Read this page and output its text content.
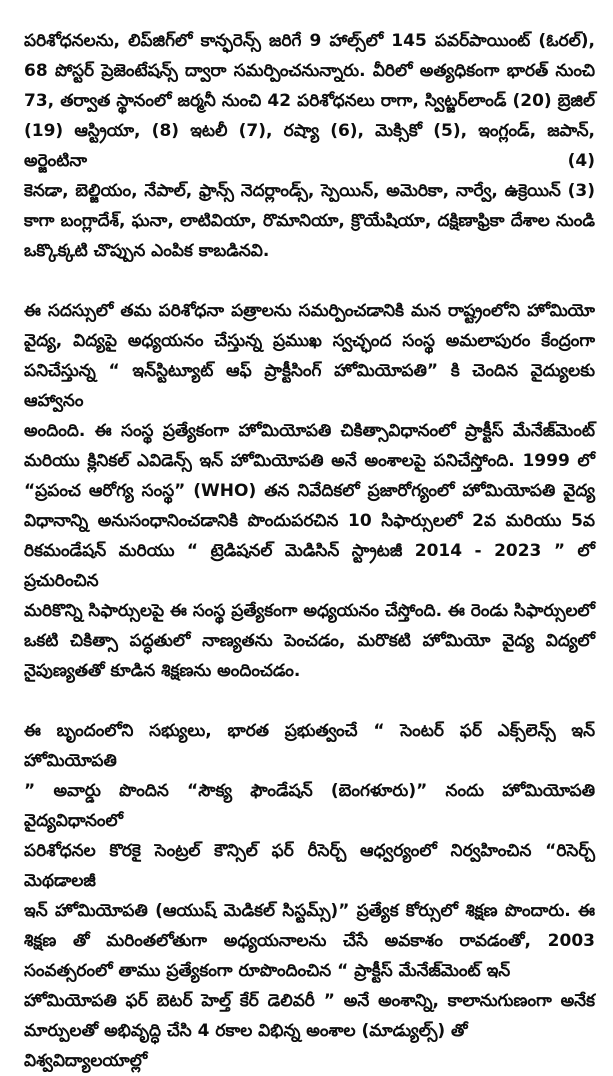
పరిశోధనలను, లిప్‌జిగ్‌లో కాన్ఫరెన్స్ జరిగే 9 హాల్స్‌లో 145 పవర్‌పాయింట్ (ఓరల్),
68 పోస్టర్ ప్రెజెంటేషన్స్ ద్వారా సమర్పించనున్నారు. వీరిలో అత్యధికంగా భారత్ నుంచి
73, తర్వాత స్థానంలో జర్మనీ నుంచి 42 పరిశోధనలు రాగా, స్విట్జర్‌లాండ్ (20) బ్రెజిల్
(19) ఆస్ట్రియా, (8) ఇటలీ (7), రష్యా (6), మెక్సికో (5), ఇంగ్లండ్, జపాన్, అర్జెంటినా (4)
కెనడా, బెల్జియం, నేపాల్, ఫ్రాన్స్ నెదర్లాండ్స్, స్పెయిన్, అమెరికా, నార్వే, ఉక్రెయిన్ (3)
కాగా బంగ్లాదేశ్, ఘనా, లాటివియా, రొమానియా, క్రొయేషియా, దక్షిణాఫ్రికా దేశాల నుండి
ఒక్కొక్కటి చొప్పున ఎంపిక కాబడినవి.
ఈ సదస్సులో తమ పరిశోధనా పత్రాలను సమర్పించడానికి మన రాష్ట్రంలోని హోమియో
వైద్య, విద్యపై అధ్యయనం చేస్తున్న ప్రముఖ స్వచ్ఛంద సంస్థ అమలాపురం కేంద్రంగా
పనిచేస్తున్న “ ఇన్‌స్టిట్యూట్ ఆఫ్ ప్రాక్టీసింగ్ హోమియోపతి” కి చెందిన వైద్యులకు ఆహ్వానం
అందింది. ఈ సంస్థ ప్రత్యేకంగా హోమియోపతి చికిత్సావిధానంలో ప్రాక్టీస్ మేనేజ్‌మెంట్
మరియు క్లినికల్ ఎవిడెన్స్ ఇన్ హోమియోపతి అనే అంశాలపై పనిచేస్తోంది. 1999 లో
“ప్రపంచ ఆరోగ్య సంస్థ” (WHO) తన నివేదికలో ప్రజారోగ్యంలో హోమియోపతి వైద్య
విధానాన్ని అనుసంధానించడానికి పొందుపరచిన 10 సిఫార్సులలో 2వ మరియు 5వ
రికమండేషన్ మరియు “ ట్రెడిషనల్ మెడిసిన్ స్ట్రాటజీ 2014 - 2023 ” లో ప్రచురించిన
మరికొన్ని సిఫార్సులపై ఈ సంస్థ ప్రత్యేకంగా అధ్యయనం చేస్తోంది. ఈ రెండు సిఫార్సులలో
ఒకటి చికిత్సా పద్ధతులో నాణ్యతను పెంచడం, మరొకటి హోమియో వైద్య విద్యలో
నైపుణ్యతతో కూడిన శిక్షణను అందించడం.
ఈ బృందంలోని సభ్యులు, భారత ప్రభుత్వంచే “ సెంటర్ ఫర్ ఎక్స్‌లెన్స్ ఇన్ హోమియోపతి
” అవార్డు పొందిన “సౌక్య ఫౌండేషన్ (బెంగళూరు)” నందు హోమియోపతి వైద్యవిధానంలో
పరిశోధనల కొరకై సెంట్రల్ కౌన్సిల్ ఫర్ రీసెర్చ్ ఆధ్వర్యంలో నిర్వహించిన “రిసెర్చ్ మెథడాలజీ
ఇన్ హోమియోపతి (ఆయుష్ మెడికల్ సిస్టమ్స్)” ప్రత్యేక కోర్సులో శిక్షణ పొందారు. ఈ
శిక్షణ తో మరింతలోతుగా అధ్యయనాలను చేసే అవకాశం రావడంతో, 2003
సంవత్సరంలో తాము ప్రత్యేకంగా రూపొందించిన “ ప్రాక్టీస్ మేనేజ్‌మెంట్ ఇన్
హోమియోపతి ఫర్ బెటర్ హెల్త్ కేర్ డెలివరీ ” అనే అంశాన్ని, కాలానుగుణంగా అనేక
మార్పులతో అభివృద్ధి చేసి 4 రకాల విభిన్న అంశాల (మాడ్యుల్స్) తో విశ్వవిద్యాలయాల్లో
